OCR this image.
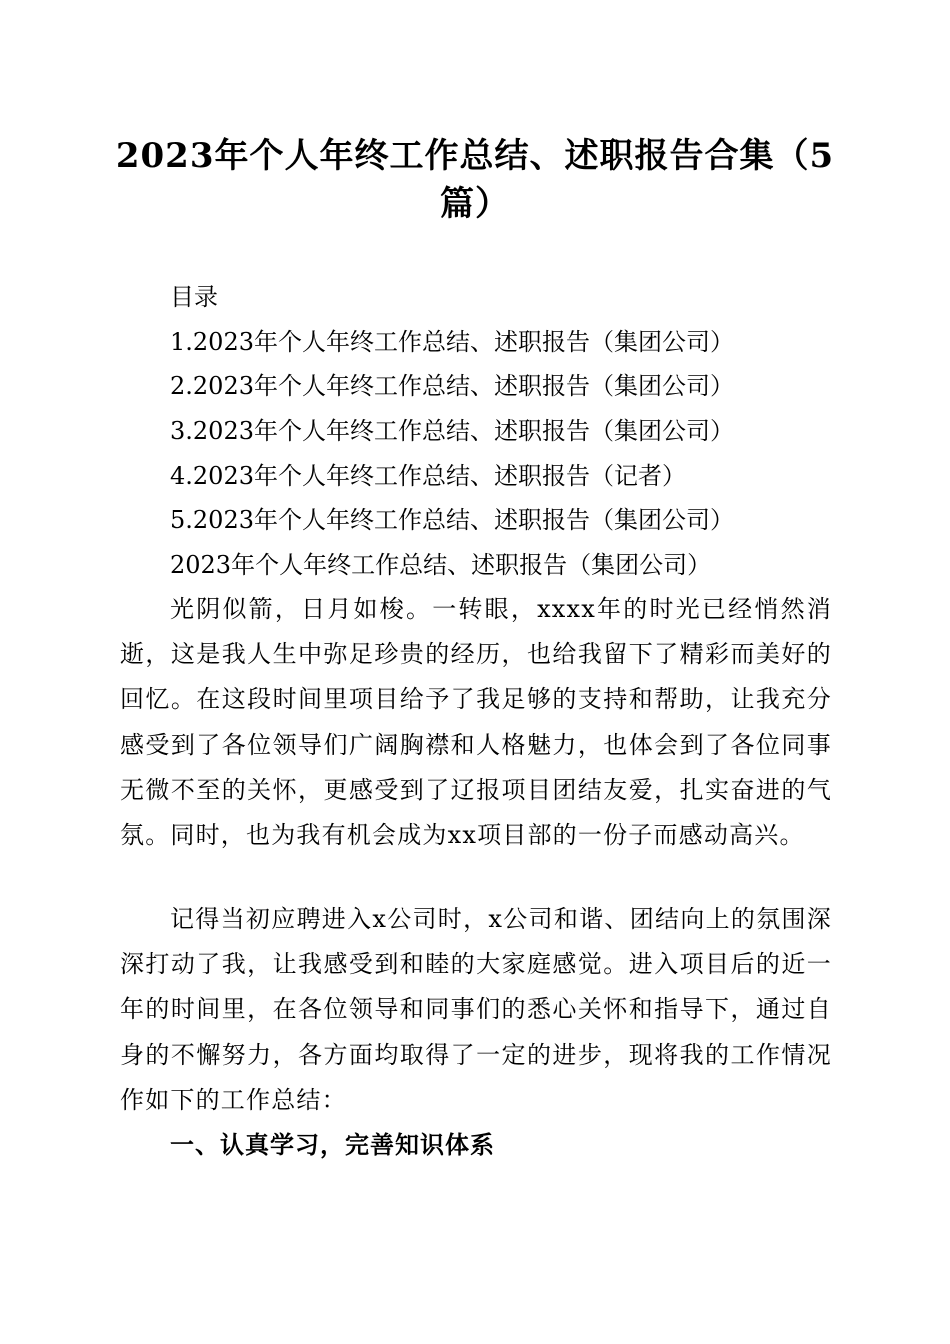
2023年个人年终工作总结、述职报告合集（5篇）
目录
1.2023年个人年终工作总结、述职报告（集团公司）
2.2023年个人年终工作总结、述职报告（集团公司）
3.2023年个人年终工作总结、述职报告（集团公司）
4.2023年个人年终工作总结、述职报告（记者）
5.2023年个人年终工作总结、述职报告（集团公司）
2023年个人年终工作总结、述职报告（集团公司）
光阴似箭，日月如梭。一转眼，xxxx年的时光已经悄然消逝，这是我人生中弥足珍贵的经历，也给我留下了精彩而美好的回忆。在这段时间里项目给予了我足够的支持和帮助，让我充分感受到了各位领导们广阔胸襟和人格魅力，也体会到了各位同事无微不至的关怀，更感受到了辽报项目团结友爱，扎实奋进的气氛。同时，也为我有机会成为xx项目部的一份子而感动高兴。
记得当初应聘进入x公司时，x公司和谐、团结向上的氛围深深打动了我，让我感受到和睦的大家庭感觉。进入项目后的近一年的时间里，在各位领导和同事们的悉心关怀和指导下，通过自身的不懈努力，各方面均取得了一定的进步，现将我的工作情况作如下的工作总结：
一、认真学习，完善知识体系
